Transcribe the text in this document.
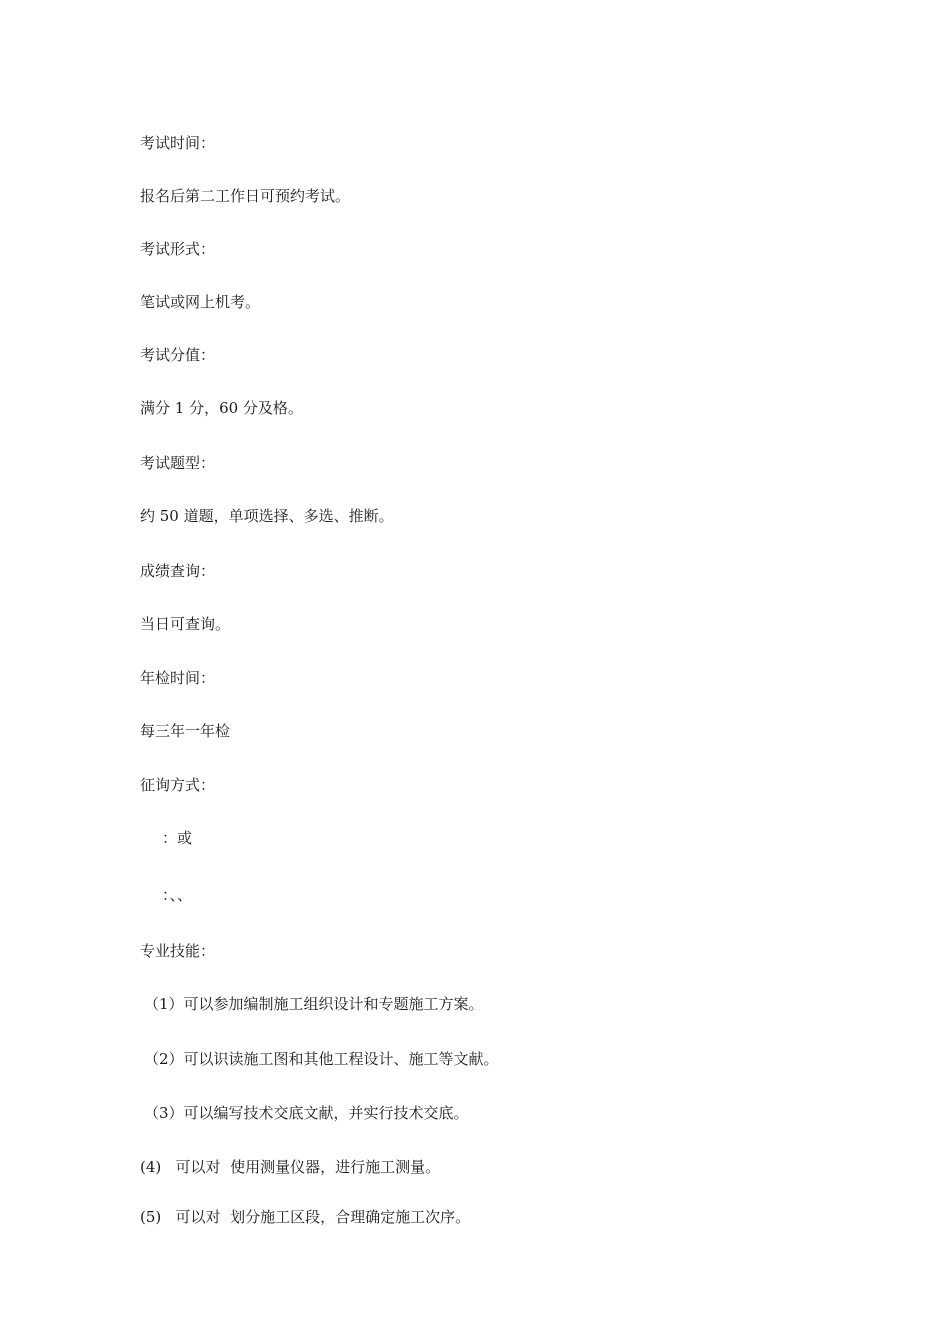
考试时间：
报名后第二工作日可预约考试。
考试形式：
笔试或网上机考。
考试分值：
满分 1 分，60 分及格。
考试题型：
约 50 道题，单项选择、多选、推断。
成绩查询：
当日可查询。
年检时间：
每三年一年检
征询方式：
：或
：、、
专业技能：
（1）可以参加编制施工组织设计和专题施工方案。
（2）可以识读施工图和其他工程设计、施工等文献。
（3）可以编写技术交底文献，并实行技术交底。
(4)   可以对  使用测量仪器，进行施工测量。
(5)   可以对  划分施工区段，合理确定施工次序。
